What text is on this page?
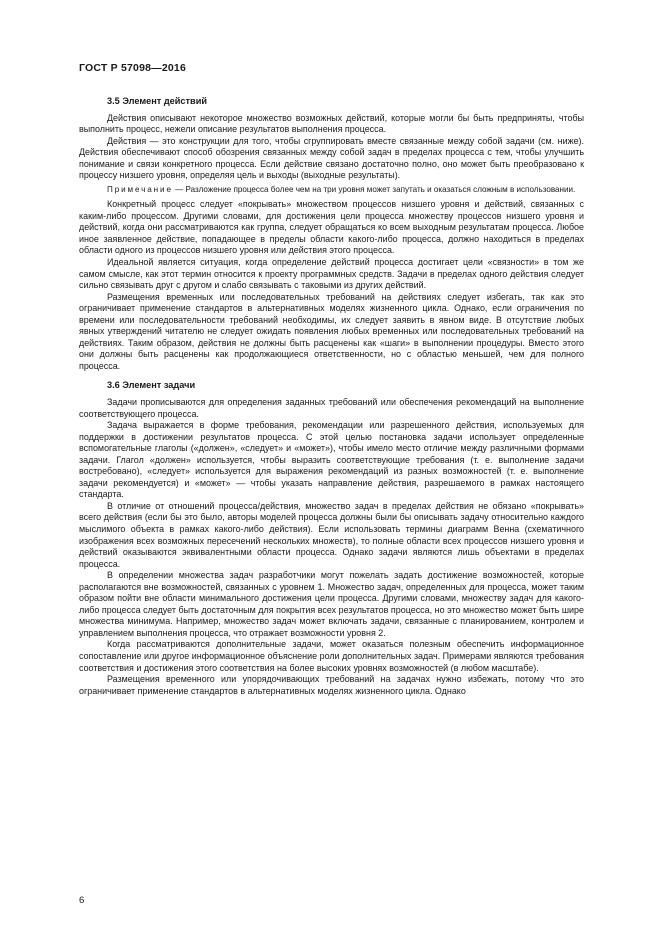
ГОСТ Р 57098—2016
3.5 Элемент действий

Действия описывают некоторое множество возможных действий, которые могли бы быть предприняты, чтобы выполнить процесс, нежели описание результатов выполнения процесса.

Действия — это конструкции для того, чтобы сгруппировать вместе связанные между собой задачи (см. ниже). Действия обеспечивают способ обозрения связанных между собой задач в пределах процесса с тем, чтобы улучшить понимание и связи конкретного процесса. Если действие связано достаточно полно, оно может быть преобразовано к процессу низшего уровня, определяя цель и выходы (выходные результаты).

Примечание — Разложение процесса более чем на три уровня может запутать и оказаться сложным в использовании.

Конкретный процесс следует «покрывать» множеством процессов низшего уровня и действий, связанных с каким-либо процессом. Другими словами, для достижения цели процесса множеству процессов низшего уровня и действий, когда они рассматриваются как группа, следует обращаться ко всем выходным результатам процесса. Любое иное заявленное действие, попадающее в пределы области какого-либо процесса, должно находиться в пределах области одного из процессов низшего уровня или действия этого процесса.

Идеальной является ситуация, когда определение действий процесса достигает цели «связности» в том же самом смысле, как этот термин относится к проекту программных средств. Задачи в пределах одного действия следует сильно связывать друг с другом и слабо связывать с таковыми из других действий.

Размещения временных или последовательных требований на действиях следует избегать, так как это ограничивает применение стандартов в альтернативных моделях жизненного цикла. Однако, если ограничения по времени или последовательности требований необходимы, их следует заявить в явном виде. В отсутствие любых явных утверждений читателю не следует ожидать появления любых временных или последовательных требований на действиях. Таким образом, действия не должны быть расценены как «шаги» в выполнении процедуры. Вместо этого они должны быть расценены как продолжающиеся ответственности, но с областью меньшей, чем для полного процесса.

3.6 Элемент задачи

Задачи прописываются для определения заданных требований или обеспечения рекомендаций на выполнение соответствующего процесса.

Задача выражается в форме требования, рекомендации или разрешенного действия, используемых для поддержки в достижении результатов процесса. С этой целью постановка задачи использует определенные вспомогательные глаголы («должен», «следует» и «может»), чтобы имело место отличие между различными формами задачи. Глагол «должен» используется, чтобы выразить соответствующие требования (т. е. выполнение задачи востребовано), «следует» используется для выражения рекомендаций из разных возможностей (т. е. выполнение задачи рекомендуется) и «может» — чтобы указать направление действия, разрешаемого в рамках настоящего стандарта.

В отличие от отношений процесса/действия, множество задач в пределах действия не обязано «покрывать» всего действия (если бы это было, авторы моделей процесса должны были бы описывать задачу относительно каждого мыслимого объекта в рамках какого-либо действия). Если использовать термины диаграмм Венна (схематичного изображения всех возможных пересечений нескольких множеств), то полные области всех процессов низшего уровня и действий оказываются эквивалентными области процесса. Однако задачи являются лишь объектами в пределах процесса.

В определении множества задач разработчики могут пожелать задать достижение возможностей, которые располагаются вне возможностей, связанных с уровнем 1. Множество задач, определенных для процесса, может таким образом пойти вне области минимального достижения цели процесса. Другими словами, множеству задач для какого-либо процесса следует быть достаточным для покрытия всех результатов процесса, но это множество может быть шире множества минимума. Например, множество задач может включать задачи, связанные с планированием, контролем и управлением выполнения процесса, что отражает возможности уровня 2.

Когда рассматриваются дополнительные задачи, может оказаться полезным обеспечить информационное сопоставление или другое информационное объяснение роли дополнительных задач. Примерами являются требования соответствия и достижения этого соответствия на более высоких уровнях возможностей (в любом масштабе).

Размещения временного или упорядочивающих требований на задачах нужно избежать, потому что это ограничивает применение стандартов в альтернативных моделях жизненного цикла. Однако

6
